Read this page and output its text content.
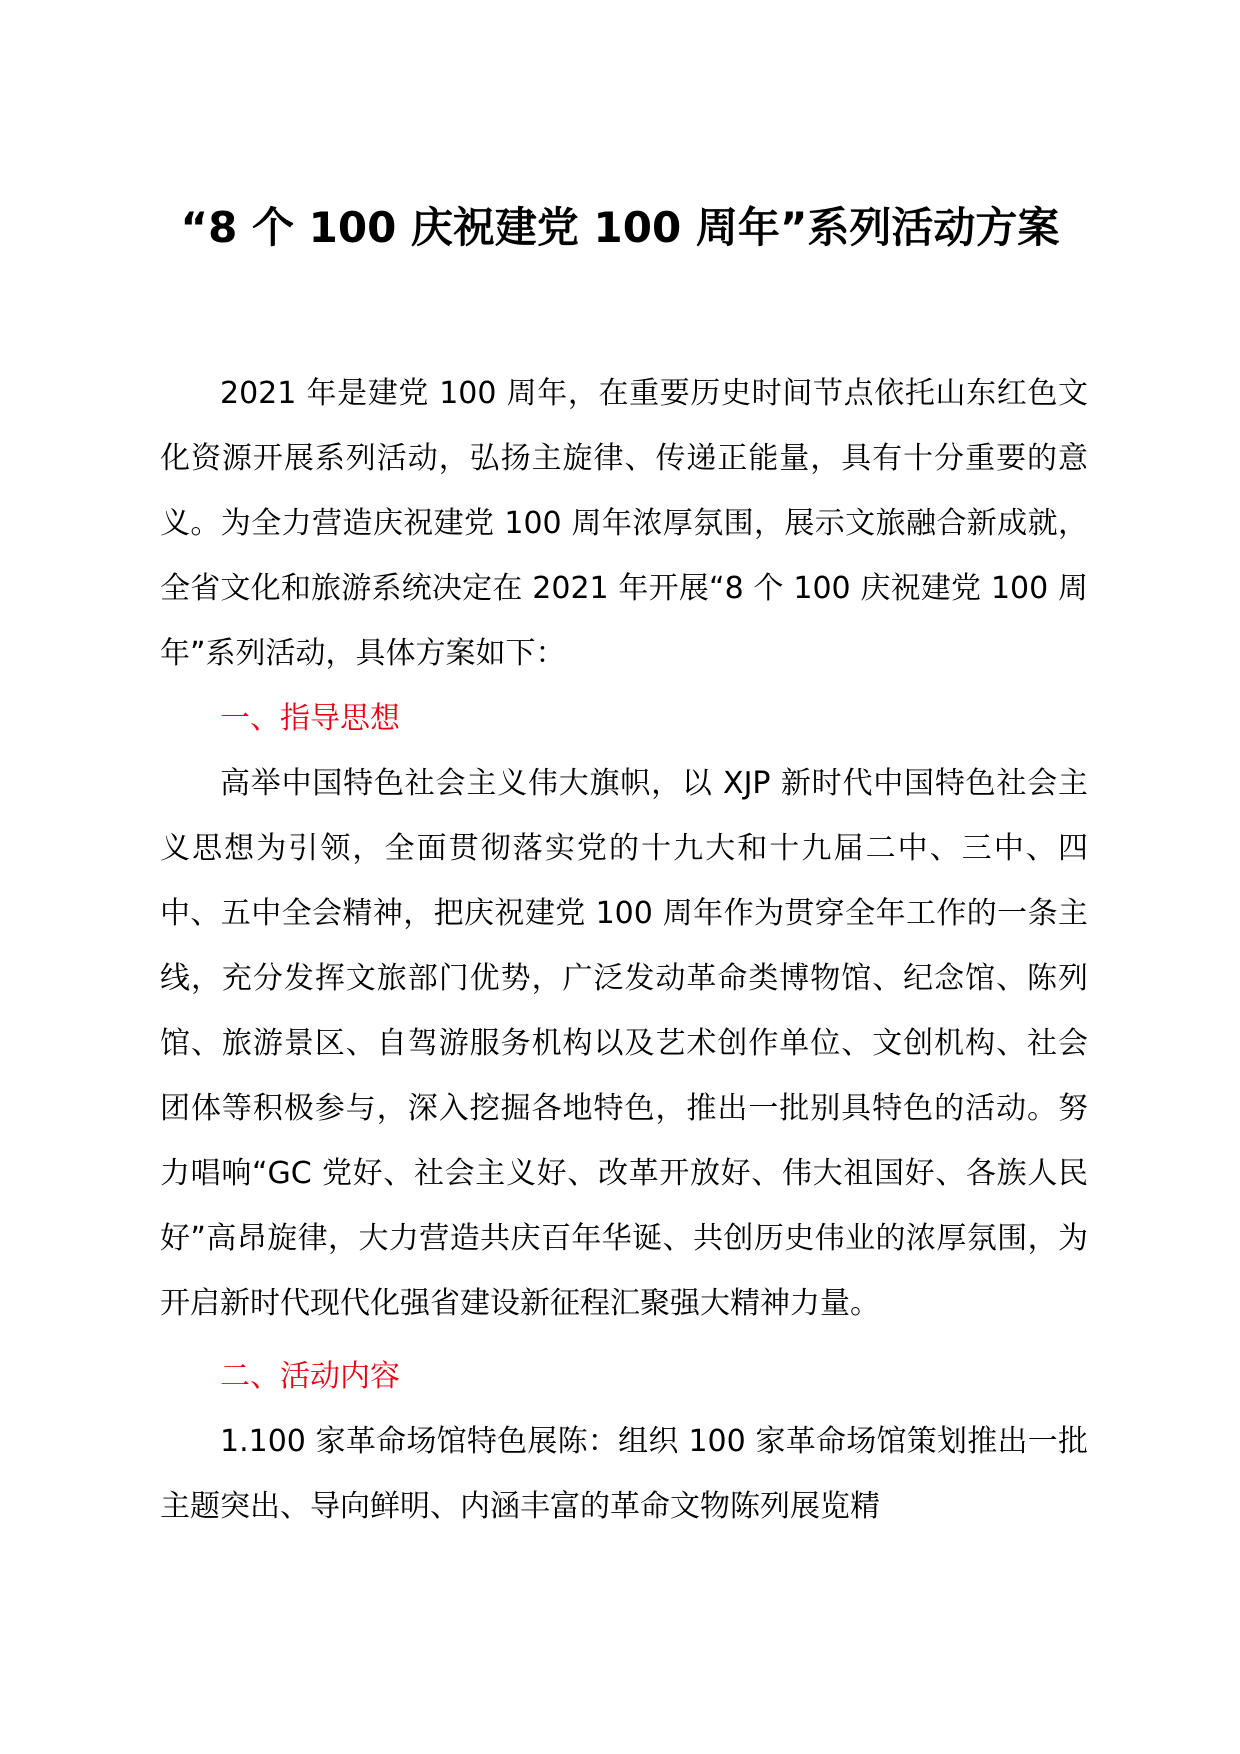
“8 个 100 庆祝建党 100 周年”系列活动方案

2021 年是建党 100 周年，在重要历史时间节点依托山东红色文化资源开展系列活动，弘扬主旋律、传递正能量，具有十分重要的意义。为全力营造庆祝建党 100 周年浓厚氛围，展示文旅融合新成就，全省文化和旅游系统决定在 2021 年开展“8 个 100 庆祝建党 100 周年”系列活动，具体方案如下：

一、指导思想

高举中国特色社会主义伟大旗帜，以 XJP 新时代中国特色社会主义思想为引领，全面贯彻落实党的十九大和十九届二中、三中、四中、五中全会精神，把庆祝建党 100 周年作为贯穿全年工作的一条主线，充分发挥文旅部门优势，广泛发动革命类博物馆、纪念馆、陈列馆、旅游景区、自驾游服务机构以及艺术创作单位、文创机构、社会团体等积极参与，深入挖掘各地特色，推出一批别具特色的活动。努力唱响“GC 党好、社会主义好、改革开放好、伟大祖国好、各族人民好”高昂旋律，大力营造共庆百年华诞、共创历史伟业的浓厚氛围，为开启新时代现代化强省建设新征程汇聚强大精神力量。

二、活动内容

1.100 家革命场馆特色展陈：组织 100 家革命场馆策划推出一批主题突出、导向鲜明、内涵丰富的革命文物陈列展览精
